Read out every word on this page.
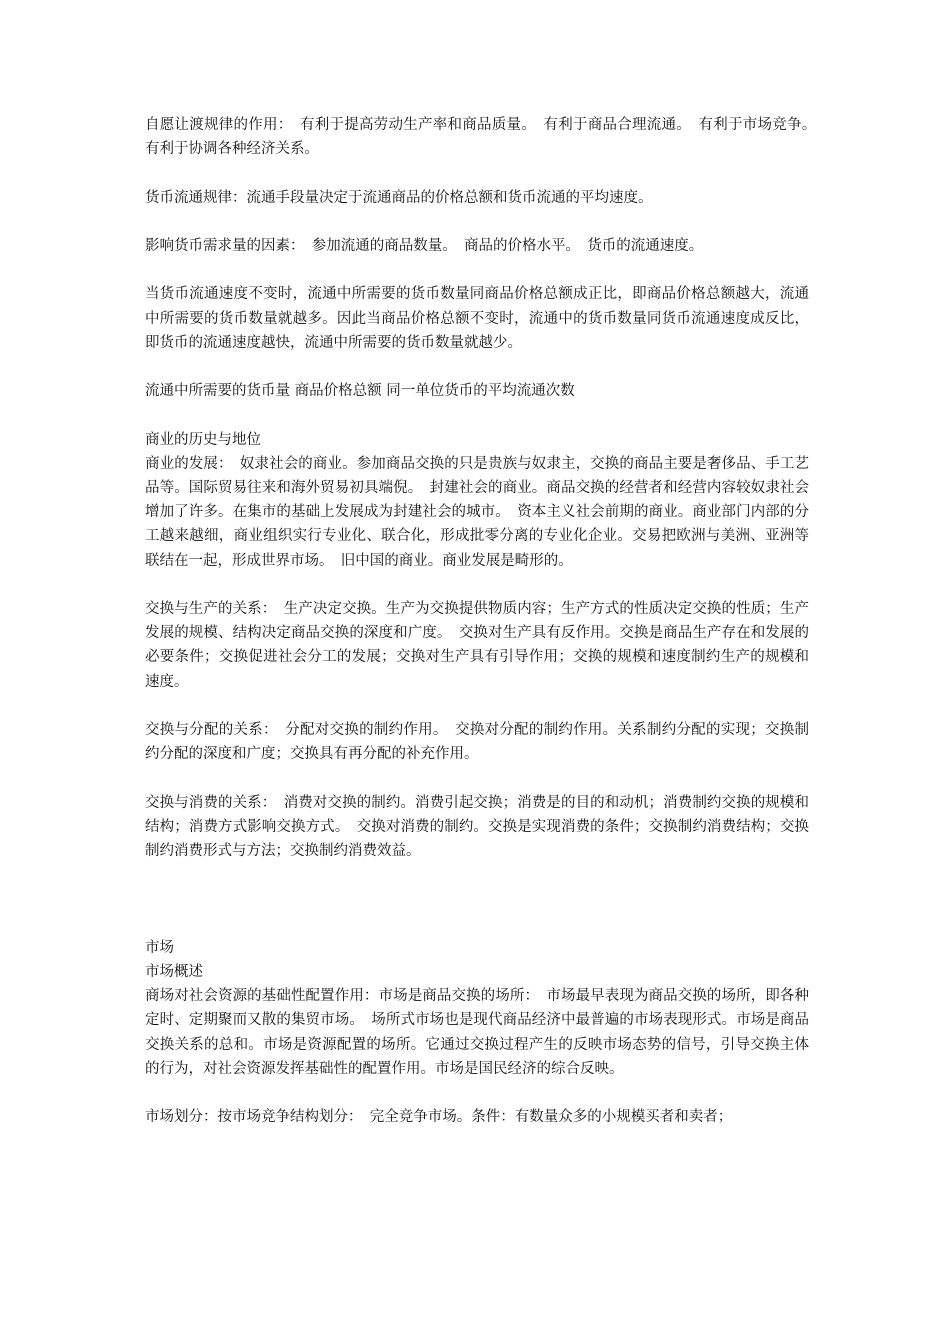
自愿让渡规律的作用：　有利于提高劳动生产率和商品质量。　有利于商品合理流通。　有利于市场竞争。　有利于协调各种经济关系。

货币流通规律：流通手段量决定于流通商品的价格总额和货币流通的平均速度。

影响货币需求量的因素：　参加流通的商品数量。　商品的价格水平。　货币的流通速度。

当货币流通速度不变时，流通中所需要的货币数量同商品价格总额成正比，即商品价格总额越大，流通中所需要的货币数量就越多。因此当商品价格总额不变时，流通中的货币数量同货币流通速度成反比，即货币的流通速度越快，流通中所需要的货币数量就越少。

流通中所需要的货币量 商品价格总额 同一单位货币的平均流通次数

商业的历史与地位

商业的发展：　奴隶社会的商业。参加商品交换的只是贵族与奴隶主，交换的商品主要是奢侈品、手工艺品等。国际贸易往来和海外贸易初具端倪。　封建社会的商业。商品交换的经营者和经营内容较奴隶社会增加了许多。在集市的基础上发展成为封建社会的城市。　资本主义社会前期的商业。商业部门内部的分工越来越细，商业组织实行专业化、联合化，形成批零分离的专业化企业。交易把欧洲与美洲、亚洲等联结在一起，形成世界市场。　旧中国的商业。商业发展是畸形的。

交换与生产的关系：　生产决定交换。生产为交换提供物质内容；生产方式的性质决定交换的性质；生产发展的规模、结构决定商品交换的深度和广度。　交换对生产具有反作用。交换是商品生产存在和发展的必要条件；交换促进社会分工的发展；交换对生产具有引导作用；交换的规模和速度制约生产的规模和速度。

交换与分配的关系：　分配对交换的制约作用。　交换对分配的制约作用。关系制约分配的实现；交换制约分配的深度和广度；交换具有再分配的补充作用。

交换与消费的关系：　消费对交换的制约。消费引起交换；消费是的目的和动机；消费制约交换的规模和结构；消费方式影响交换方式。　交换对消费的制约。交换是实现消费的条件；交换制约消费结构；交换制约消费形式与方法；交换制约消费效益。

市场

市场概述

商场对社会资源的基础性配置作用：市场是商品交换的场所：　市场最早表现为商品交换的场所，即各种定时、定期聚而又散的集贸市场。　场所式市场也是现代商品经济中最普遍的市场表现形式。市场是商品交换关系的总和。市场是资源配置的场所。它通过交换过程产生的反映市场态势的信号，引导交换主体的行为，对社会资源发挥基础性的配置作用。市场是国民经济的综合反映。

市场划分：按市场竞争结构划分：　完全竞争市场。条件：有数量众多的小规模买者和卖者；
